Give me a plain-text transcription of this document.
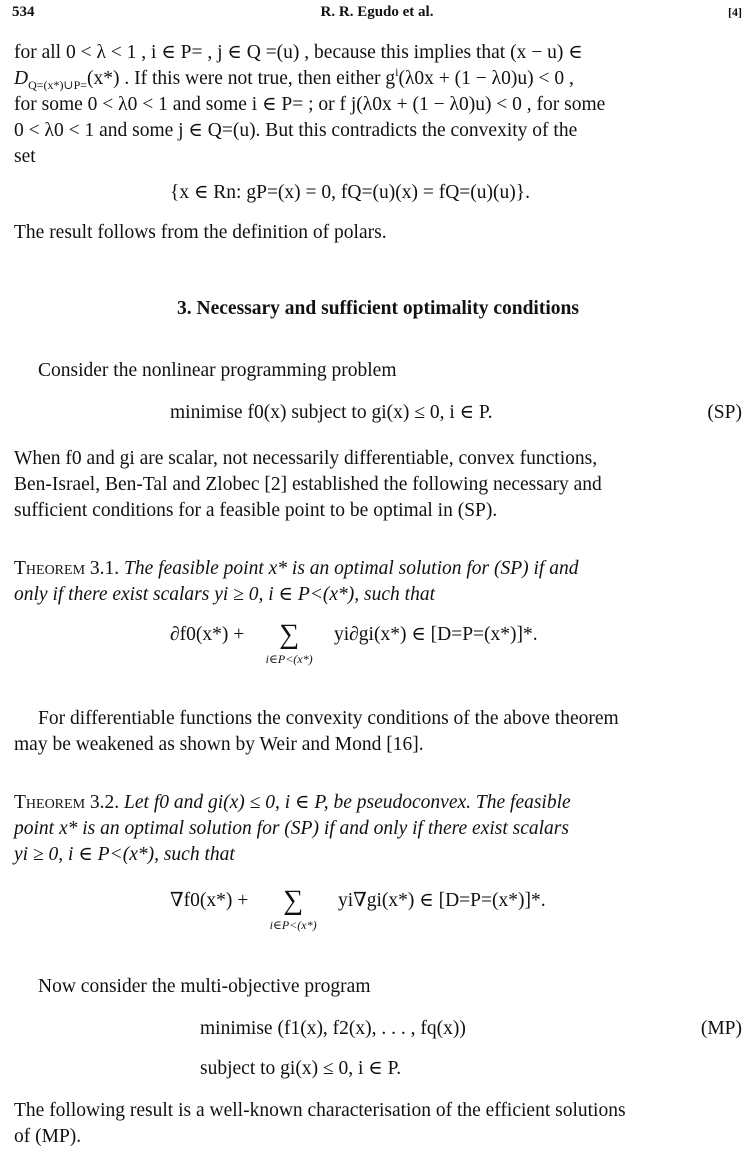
534	R. R. Egudo et al.	[4]
for all 0 < λ < 1 , i ∈ P= , j ∈ Q =(u) , because this implies that (x − u) ∈
$D_{Q=(x*)\cup P=}(x*)$ . If this were not true, then either $g^i(\lambda 0x + (1 - \lambda 0)u) < 0$ ,
for some 0 < λ0 < 1 and some i ∈ P= ; or f j(λ0x + (1 − λ0)u) < 0 , for some
0 < λ0 < 1 and some j ∈ Q=(u). But this contradicts the convexity of the
set
{x ∈ Rn: gP=(x) = 0, fQ=(u)(x) = fQ=(u)(u)}.
The result follows from the definition of polars.
3. Necessary and sufficient optimality conditions
Consider the nonlinear programming problem
minimise f0(x) subject to gi(x) ≤ 0, i ∈ P.	(SP)
When f0 and gi are scalar, not necessarily differentiable, convex functions,
Ben-Israel, Ben-Tal and Zlobec [2] established the following necessary and
sufficient conditions for a feasible point to be optimal in (SP).
Theorem 3.1. The feasible point x* is an optimal solution for (SP) if and
only if there exist scalars yi ≥ 0, i ∈ P<(x*), such that
∂f0(x*) +	∑
i∈P<(x*)
yi∂gi(x*) ∈ [D=P=(x*)]*.
For differentiable functions the convexity conditions of the above theorem
may be weakened as shown by Weir and Mond [16].
Theorem 3.2. Let f0 and gi(x) ≤ 0, i ∈ P, be pseudoconvex. The feasible
point x* is an optimal solution for (SP) if and only if there exist scalars
yi ≥ 0, i ∈ P<(x*), such that
∇f0(x*) +	∑
i∈P<(x*)
yi∇gi(x*) ∈ [D=P=(x*)]*.
Now consider the multi-objective program
minimise (f1(x), f2(x), . . . , fq(x))	(MP)
subject to gi(x) ≤ 0, i ∈ P.
The following result is a well-known characterisation of the efficient solutions
of (MP).
